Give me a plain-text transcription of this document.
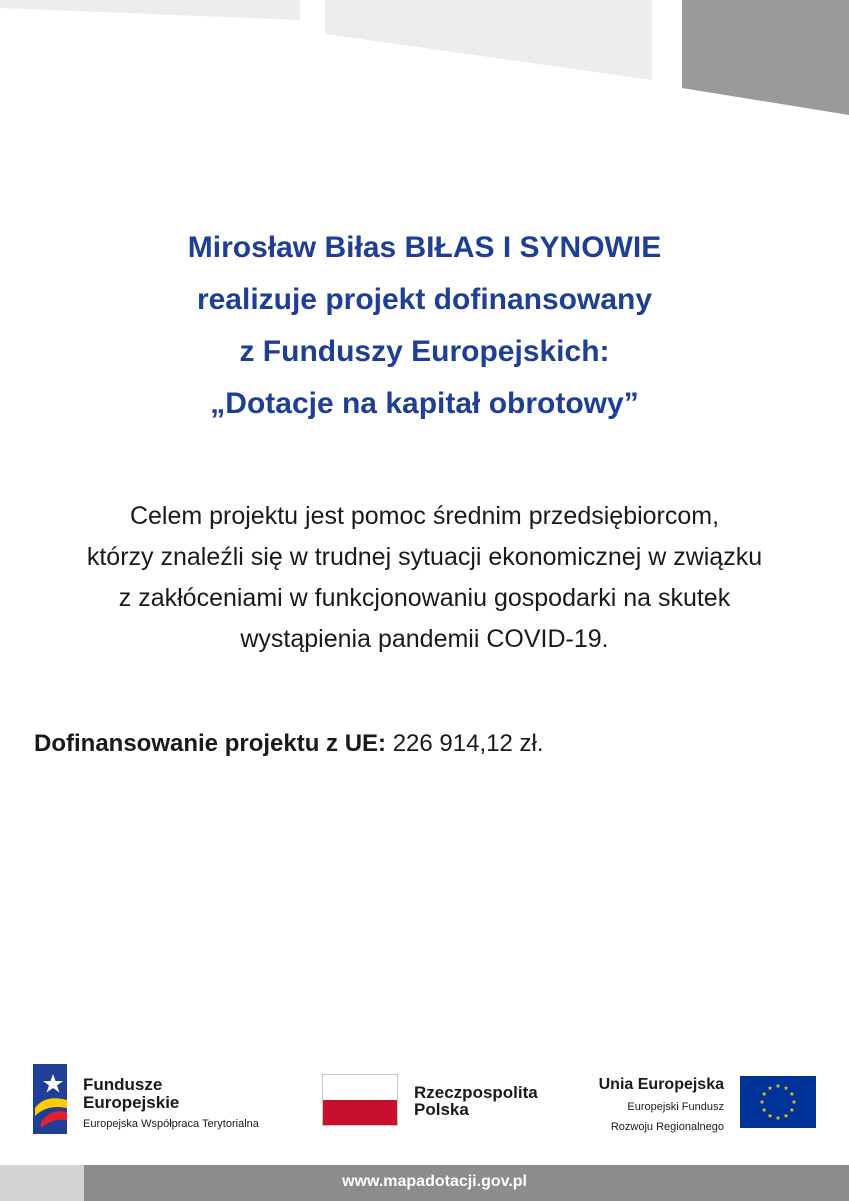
Mirosław Biłas BIŁAS I SYNOWIE
realizuje projekt dofinansowany
z Funduszy Europejskich:
„Dotacje na kapitał obrotowy”
Celem projektu jest pomoc średnim przedsiębiorcom,
którzy znaleźli się w trudnej sytuacji ekonomicznej w związku
z zakłóceniami w funkcjonowaniu gospodarki na skutek
wystąpienia pandemii COVID-19.
Dofinansowanie projektu z UE: 226 914,12 zł.
Fundusze
Europejskie
Europejska Współpraca Terytorialna
Rzeczpospolita
Polska
Unia Europejska
Europejski Fundusz
Rozwoju Regionalnego
www.mapadotacji.gov.pl
